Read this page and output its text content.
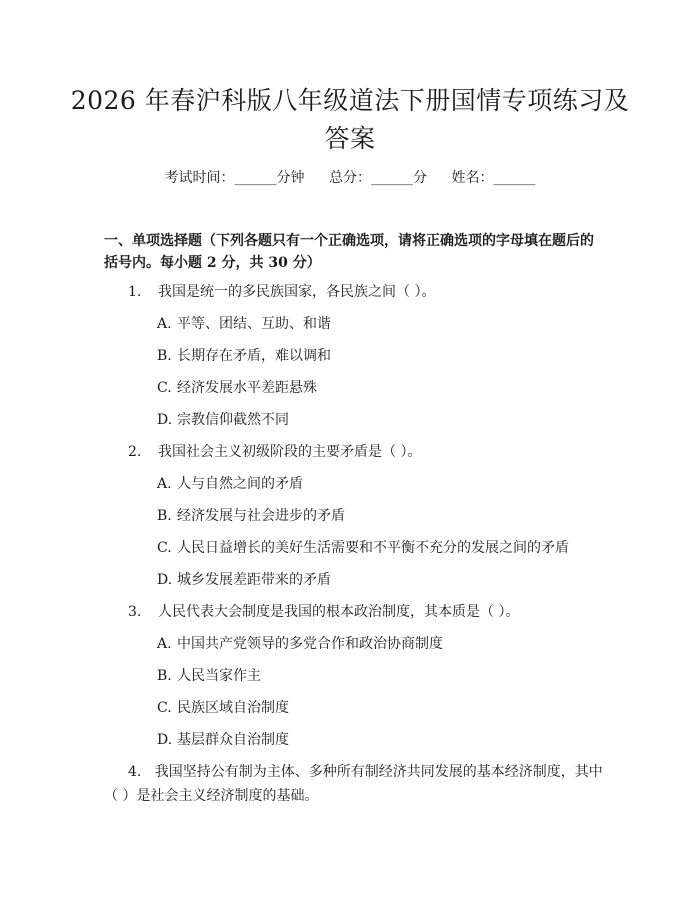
2026 年春沪科版八年级道法下册国情专项练习及答案
考试时间：______分钟 总分：______分 姓名：______
一、单项选择题（下列各题只有一个正确选项，请将正确选项的字母填在题后的括号内。每小题 2 分，共 30 分）
1. 我国是统一的多民族国家，各民族之间（ ）。
A. 平等、团结、互助、和谐
B. 长期存在矛盾，难以调和
C. 经济发展水平差距悬殊
D. 宗教信仰截然不同
2. 我国社会主义初级阶段的主要矛盾是（ ）。
A. 人与自然之间的矛盾
B. 经济发展与社会进步的矛盾
C. 人民日益增长的美好生活需要和不平衡不充分的发展之间的矛盾
D. 城乡发展差距带来的矛盾
3. 人民代表大会制度是我国的根本政治制度，其本质是（ ）。
A. 中国共产党领导的多党合作和政治协商制度
B. 人民当家作主
C. 民族区域自治制度
D. 基层群众自治制度
4. 我国坚持公有制为主体、多种所有制经济共同发展的基本经济制度，其中（ ）是社会主义经济制度的基础。
